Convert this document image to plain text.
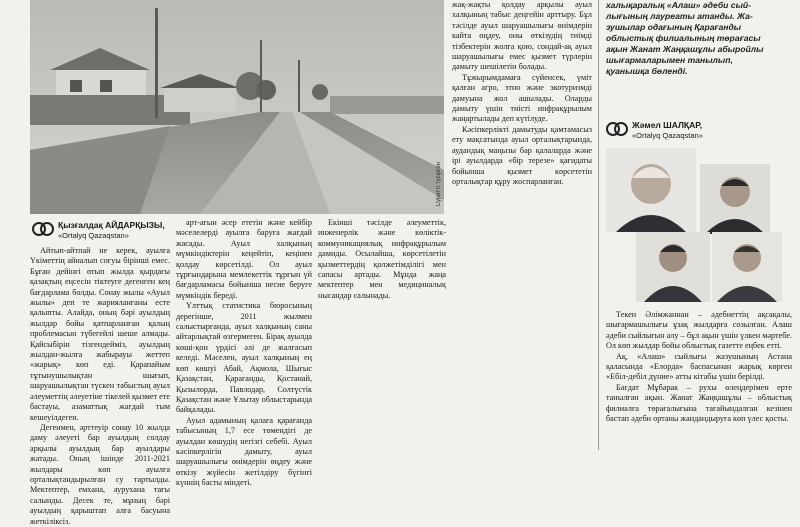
Суретті түсірген
Қызғалдақ АЙДАРҚЫЗЫ,
«Ortalyq Qazaqstan»

Айтып-айтпай не керек, ауылға Үкіметтің айналып соғуы бірінші емес. Бұған дейінгі өтып жылда қырдағы қазақтың еңсесін тіктеуге дегенген кең бағдарлама болды. Сонау жылы «Ауыл жылы» деп те жарияланғаны есте қалыпты. Алайда, оның бәрі ауылдың жылдар бойы қатпарланған қалың проблемасын түбегейлі шеше алмады. Қайсыбірін тізгендейміз, ауылдың жылдан-жылға жабырауы жеттеп «жарық» көп еді. Қарапайым тұтынушылықтан шығып, шаруашылықтан түскен табыстың ауыл әлеуметтің әлеуетіне тікелей қызмет ете бастауы, азаматтық жағдай тым кешеуілдеген.

Дегенмен, әрттеуір сонау 10 жылда даму әлеуеті бар ауылдың солдау арқылы ауылдың бар ауылдары жатады. Оның ішінде 2011-2021 жылдары көп ауылға орталықтандырылған су тартылды. Мектептер, емхана, аурухана тағы салынды. Десек те, мұның бәрі ауылдың қарыштап алға басуына жеткіліксіз.

арт-ағын әсер ететін және кейбір мәселелерді ауылға баруға жағдай жасады. Ауыл халқының мүмкіндіктерін кеңейтіп, кеңінен қолдау көрсетілді. Ол ауыл тұрғындарына мемлекеттік тұрғын үй бағдарламасы бойынша несие беруге мүмкіндік береді.

Үлттық статистика бюросының дерегінше, 2011 жылмен салыстырғанда, ауыл халқының саны айтарлықтай өзгермеген. Бірақ ауылда көші-қон үрдісі әлі де жалғасып келеді. Мәселен, ауыл халқының ең көп көшуі Абай, Ақмола, Шығыс Қазақстан, Қарағанды, Қостанай, Қызылорда, Павлодар, Солтүстік Қазақстан және Ұлытау облыстарында байқалады.

Ауыл адамының қалаға қарағанда табысының 1,7 есе төмендігі де ауылдан көшудің негізгі себебі. Ауыл кәсіпкерлігін дамыту, ауыл шаруашылығы өнімдерін өңдеу және өткізу жүйесін жетілдіру бүгінгі күннің басты міндеті.

Екінші тәсілде әлеуметтік, инженерлік және көліктік-коммуникациялық инфрақұрылым дамиды. Осылайша, көрсетілетін қызметтердің қолжетімділігі мен сапасы артады. Мұнда жаңа мектептер мен медициналық нысандар салынады.

жақ-жақты қолдау арқылы ауыл халқының табыс деңгейін арттыру. Бұл тәсілде ауыл шаруашылығы өнімдерін кайта өңдеу, оны өткізудің тиімді тізбектерін жолға қою, сондай-ақ ауыл шаруашылығы емес қызмет түрлерін дамыту шешілетін болады.

Тұжырымдамаға сүйенсек, үміт қалған агро, этно және экотуризмді дамуына жол ашылады. Оларды дамыту үшін тиісті инфрақұрылым жаңартылады деп күтілуде.

Кәсіпкерлікті дамытуды қамтамасыз ету мақсатында ауыл орталықтарында, аудандық маңызы бар қалаларда және ірі ауылдарда «бір терезе» қағидаты бойынша қызмет көрсететін орталықтар құру жоспарланған.

халықаралық «Алаш» әдеби сый-
лығының лауреаты атанды. Жа-
зушылар одағының Қарағанды
облыстық филиалының төрағасы
ақын Жанат Жаңқашұлы абыройлы
шығармаларымен танылып,
қуанышқа бөленді.
Жәмел ШАЛҚАР,
«Ortalyq Qazaqstan»

Текен Әлімжаннан – әдебиеттің ақсақалы, шығармашылығы ұзақ жылдарға созылған. Алаш әдеби сыйлығын алу – бұл ақын үшін үлкен мәртебе. Ол көп жылдар бойы облыстық газетте еңбек етті.

Ақ, «Алаш» сыйлығы жазушының Астана қаласында «Елорда» баспасынан жарық көрген «Ебіл-дебіл дүние» атты кітабы үшін берілді.

Бағдат Мұбарак – рухы өлеңдерімен ерте танылған ақын. Жанат Жаңқашұлы – облыстық филиалға төрағалығына тағайындалған кезінен бастап әдеби ортаны жандандыруға көп үлес қосты.
